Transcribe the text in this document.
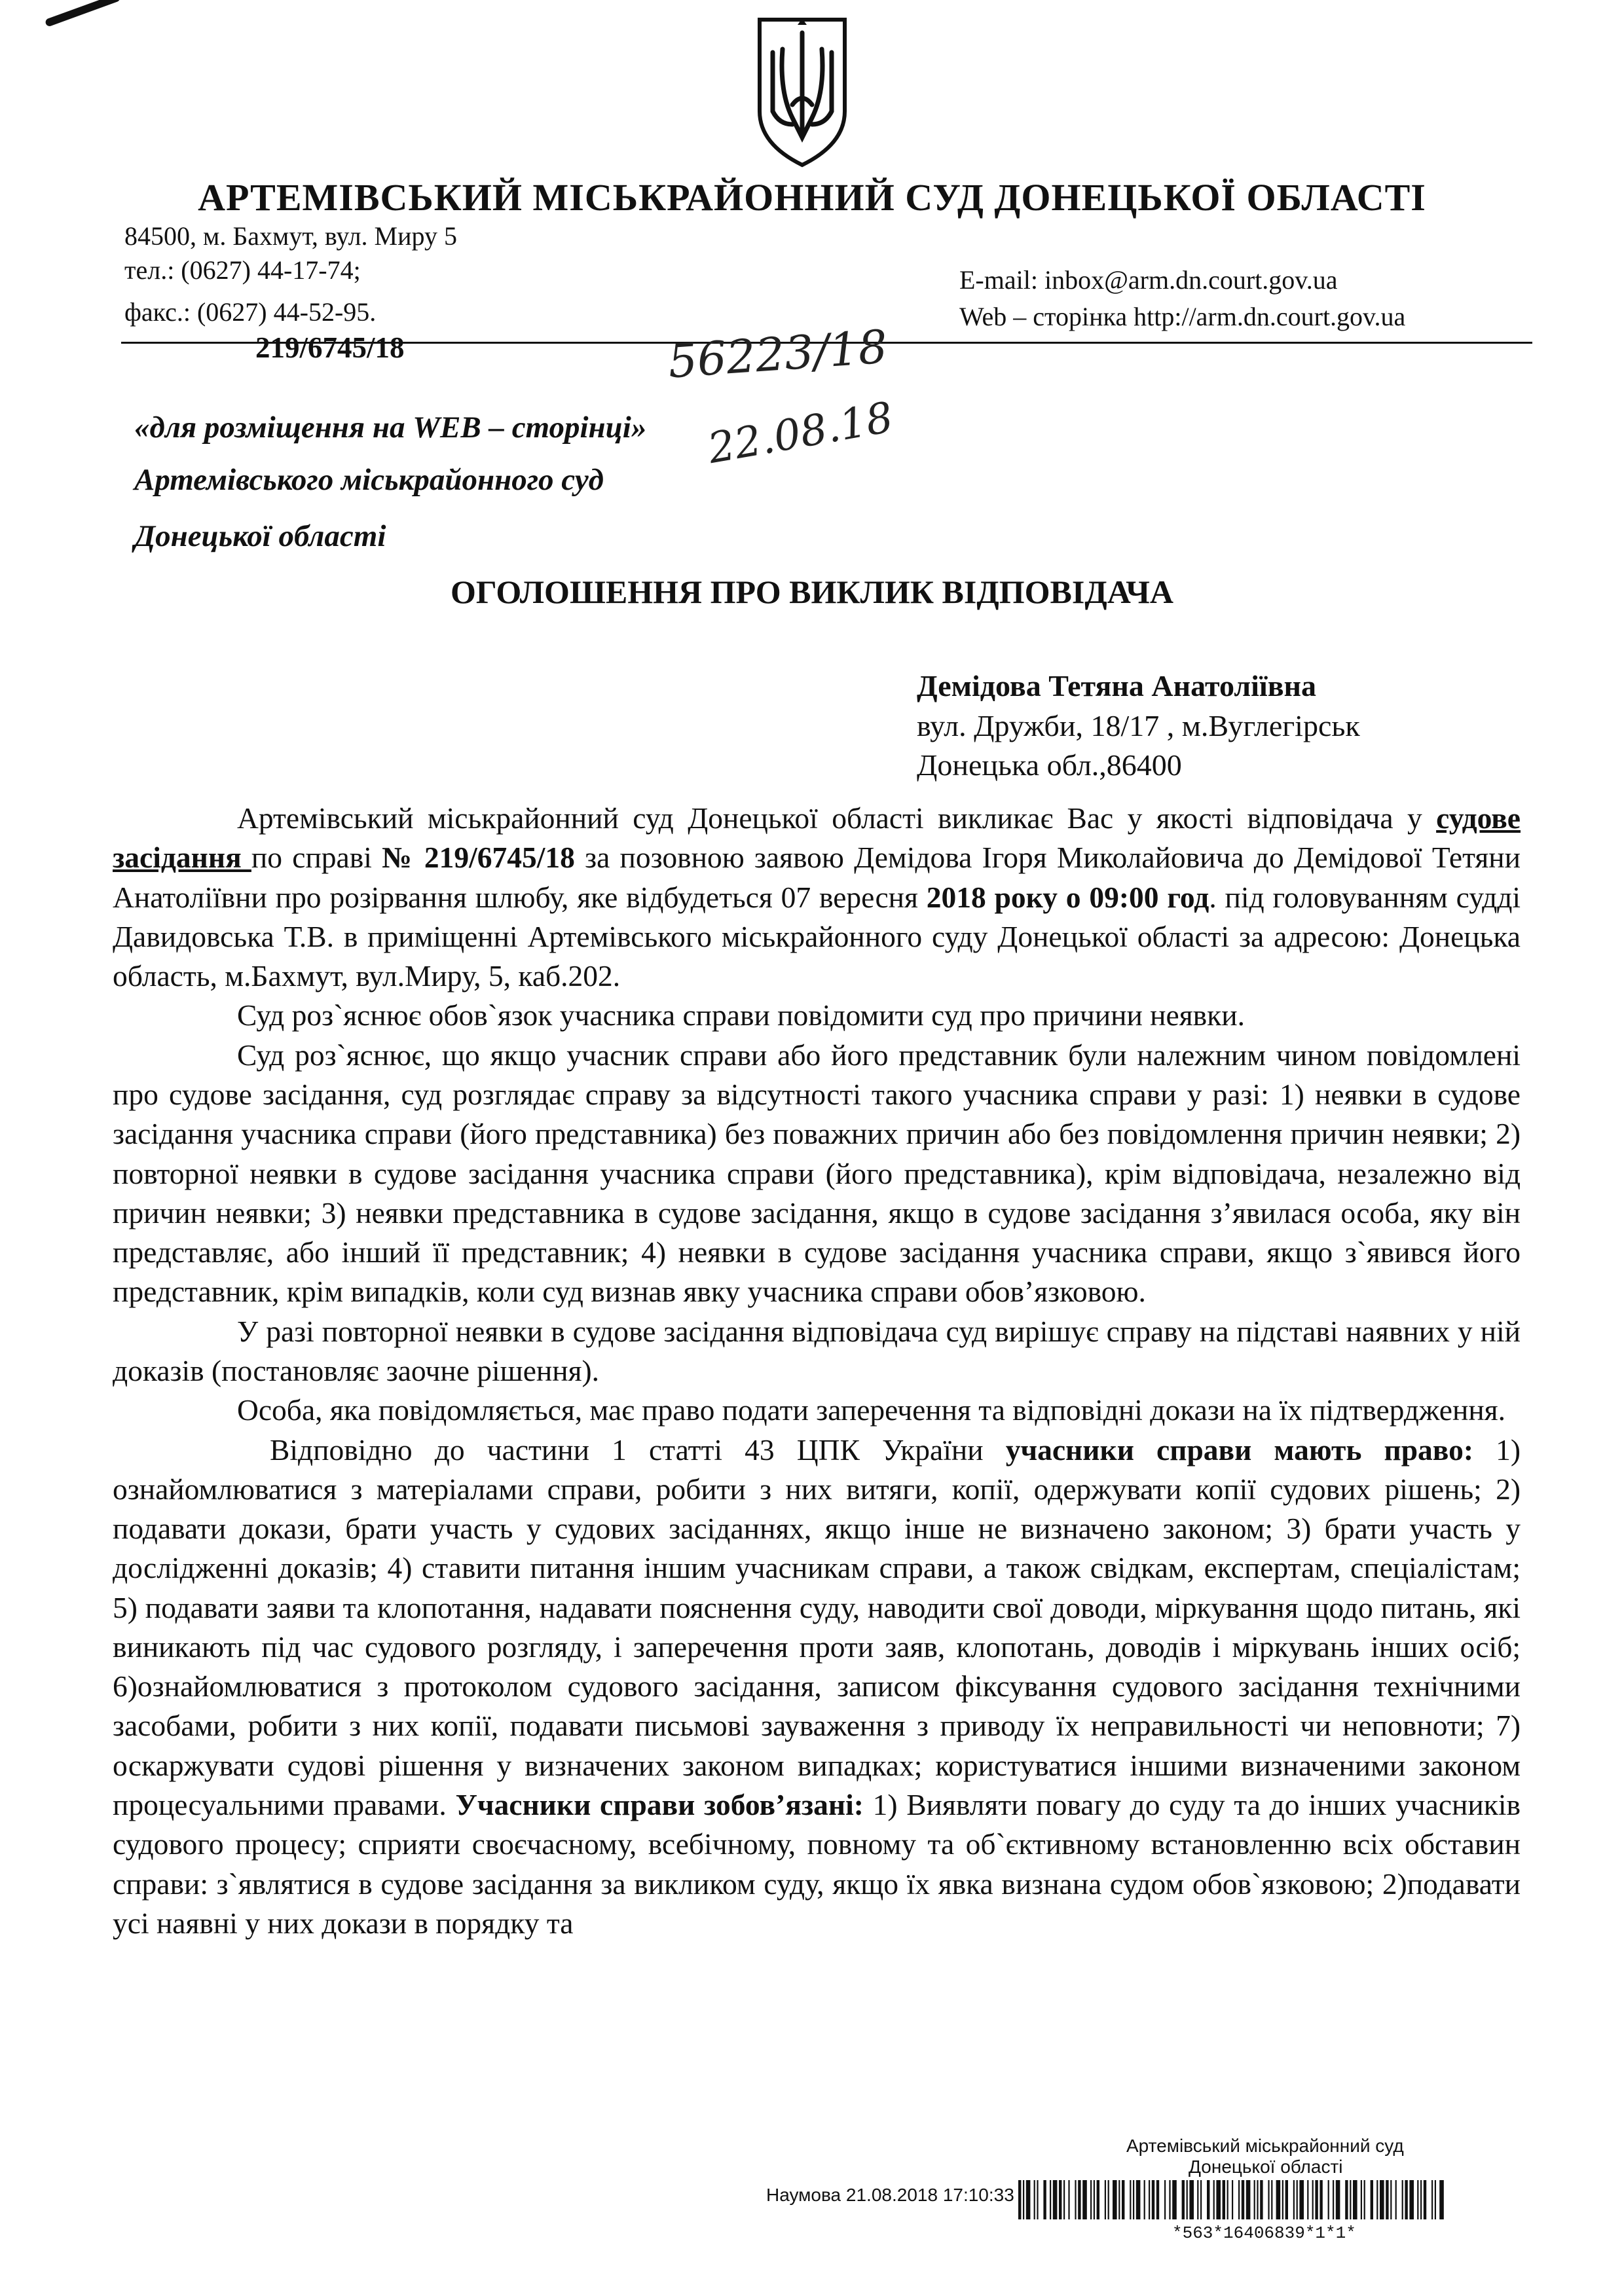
АРТЕМІВСЬКИЙ МІСЬКРАЙОННИЙ СУД ДОНЕЦЬКОЇ ОБЛАСТІ
84500, м. Бахмут, вул. Миру 5
тел.: (0627) 44-17-74;
факс.: (0627) 44-52-95.
E-mail: inbox@arm.dn.court.gov.ua
Web – сторінка http://arm.dn.court.gov.ua
219/6745/18	56223/18
22.08.18
«для розміщення на WEB – сторінці»
Артемівського міськрайонного суд
Донецької області
ОГОЛОШЕННЯ ПРО ВИКЛИК ВІДПОВІДАЧА
Демідова Тетяна Анатоліївна
вул. Дружби, 18/17 , м.Вуглегірськ
Донецька обл.,86400

Артемівський міськрайонний суд Донецької області викликає Вас у якості відповідача у судове засідання по справі № 219/6745/18 за позовною заявою Демідова Ігоря Миколайовича до Демідової Тетяни Анатоліївни про розірвання шлюбу, яке відбудеться 07 вересня 2018 року о 09:00 год. під головуванням судді Давидовська Т.В. в приміщенні Артемівського міськрайонного суду Донецької області за адресою: Донецька область, м.Бахмут, вул.Миру, 5, каб.202.

Суд роз`яснює обов`язок учасника справи повідомити суд про причини неявки.

Суд роз`яснює, що якщо учасник справи або його представник були належним чином повідомлені про судове засідання, суд розглядає справу за відсутності такого учасника справи у разі: 1) неявки в судове засідання учасника справи (його представника) без поважних причин або без повідомлення причин неявки; 2) повторної неявки в судове засідання учасника справи (його представника), крім відповідача, незалежно від причин неявки; 3) неявки представника в судове засідання, якщо в судове засідання з’явилася особа, яку він представляє, або інший її представник; 4) неявки в судове засідання учасника справи, якщо з`явився його представник, крім випадків, коли суд визнав явку учасника справи обов’язковою.

У разі повторної неявки в судове засідання відповідача суд вирішує справу на підставі наявних у ній доказів (постановляє заочне рішення).

Особа, яка повідомляється, має право подати заперечення та відповідні докази на їх підтвердження.

Відповідно до частини 1 статті 43 ЦПК України учасники справи мають право: 1) ознайомлюватися з матеріалами справи, робити з них витяги, копії, одержувати копії судових рішень; 2) подавати докази, брати участь у судових засіданнях, якщо інше не визначено законом; 3) брати участь у дослідженні доказів; 4) ставити питання іншим учасникам справи, а також свідкам, експертам, спеціалістам; 5) подавати заяви та клопотання, надавати пояснення суду, наводити свої доводи, міркування щодо питань, які виникають під час судового розгляду, і заперечення проти заяв, клопотань, доводів і міркувань інших осіб; 6)ознайомлюватися з протоколом судового засідання, записом фіксування судового засідання технічними засобами, робити з них копії, подавати письмові зауваження з приводу їх неправильності чи неповноти; 7) оскаржувати судові рішення у визначених законом випадках; користуватися іншими визначеними законом процесуальними правами. Учасники справи зобов’язані: 1) Виявляти повагу до суду та до інших учасників судового процесу; сприяти своєчасному, всебічному, повному та об`єктивному встановленню всіх обставин справи: з`являтися в судове засідання за викликом суду, якщо їх явка визнана судом обов`язковою; 2)подавати усі наявні у них докази в порядку та

Артемівський міськрайонний суд
Донецької області
Наумова 21.08.2018 17:10:33
*563*16406839*1*1*
